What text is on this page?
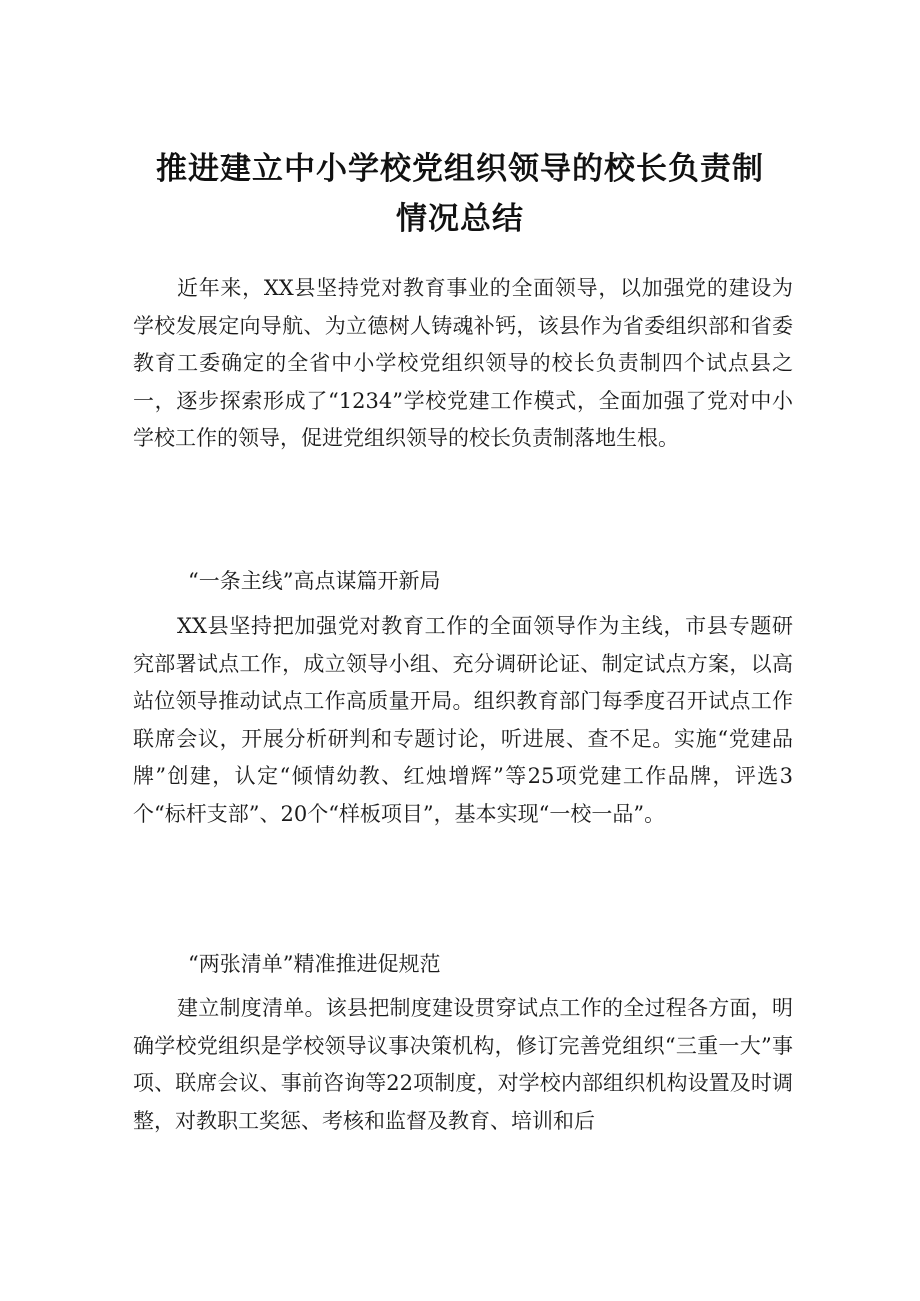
推进建立中小学校党组织领导的校长负责制
情况总结

近年来，XX县坚持党对教育事业的全面领导，以加强党的建设为学校发展定向导航、为立德树人铸魂补钙，该县作为省委组织部和省委教育工委确定的全省中小学校党组织领导的校长负责制四个试点县之一，逐步探索形成了“1234”学校党建工作模式，全面加强了党对中小学校工作的领导，促进党组织领导的校长负责制落地生根。

“一条主线”高点谋篇开新局

XX县坚持把加强党对教育工作的全面领导作为主线，市县专题研究部署试点工作，成立领导小组、充分调研论证、制定试点方案，以高站位领导推动试点工作高质量开局。组织教育部门每季度召开试点工作联席会议，开展分析研判和专题讨论，听进展、查不足。实施“党建品牌”创建，认定“倾情幼教、红烛增辉”等25项党建工作品牌，评选3个“标杆支部”、20个“样板项目”，基本实现“一校一品”。

“两张清单”精准推进促规范

建立制度清单。该县把制度建设贯穿试点工作的全过程各方面，明确学校党组织是学校领导议事决策机构，修订完善党组织“三重一大”事项、联席会议、事前咨询等22项制度，对学校内部组织机构设置及时调整，对教职工奖惩、考核和监督及教育、培训和后
